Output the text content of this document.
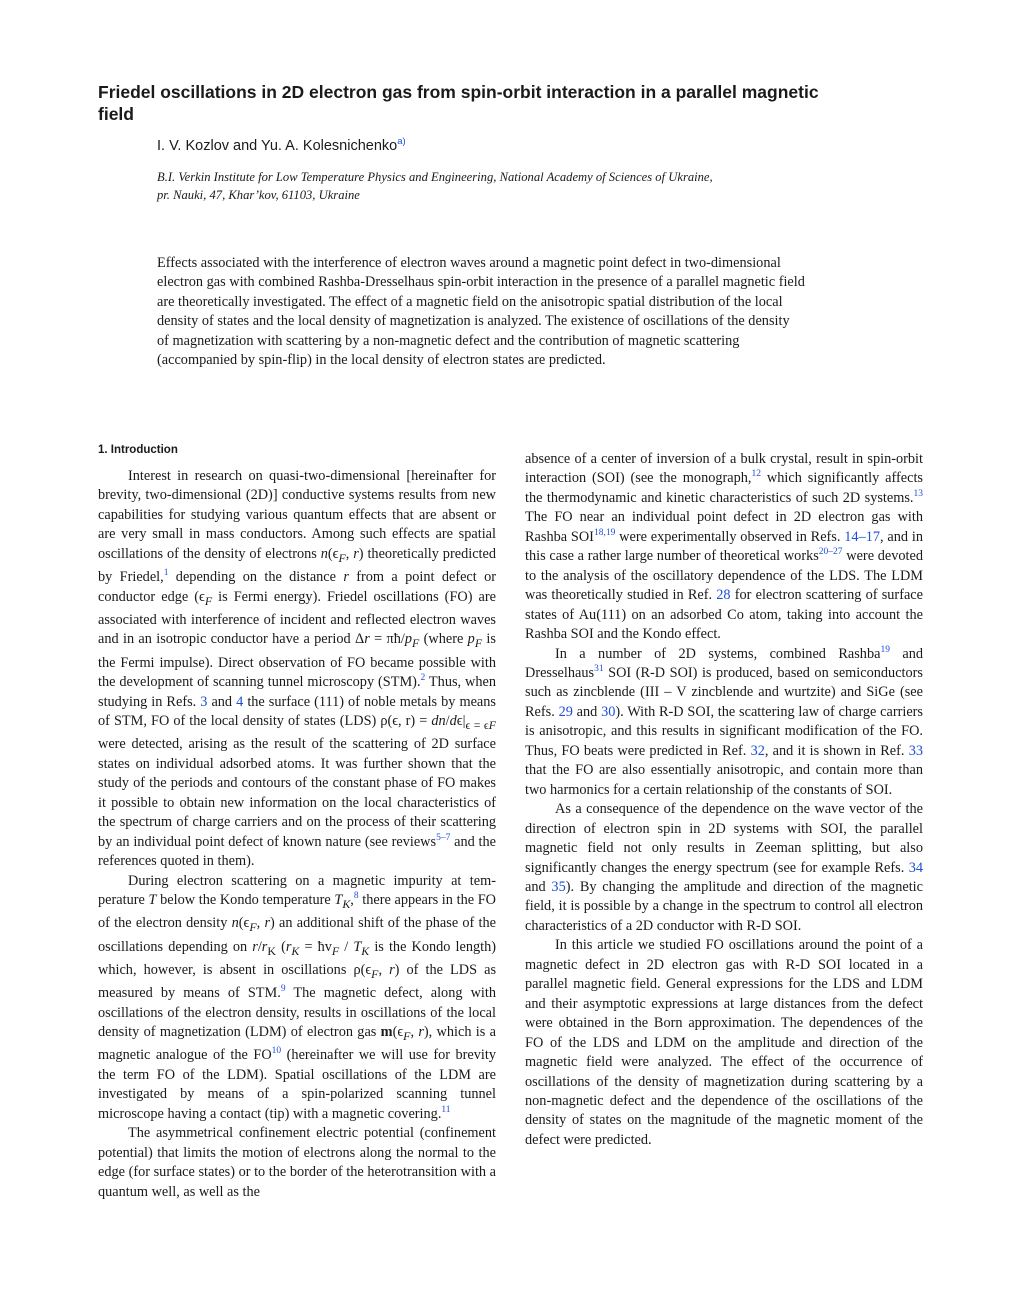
Friedel oscillations in 2D electron gas from spin-orbit interaction in a parallel magnetic field

I. V. Kozlov and Yu. A. Kolesnichenko$^{a)}$

B.I. Verkin Institute for Low Temperature Physics and Engineering, National Academy of Sciences of Ukraine,
pr. Nauki, 47, Khar’kov, 61103, Ukraine

Effects associated with the interference of electron waves around a magnetic point defect in two-dimensional electron gas with combined Rashba-Dresselhaus spin-orbit interaction in the presence of a parallel magnetic field are theoretically investigated. The effect of a magnetic field on the anisotropic spatial distribution of the local density of states and the local density of magnetization is analyzed. The existence of oscillations of the density of magnetization with scattering by a non-magnetic defect and the contribution of magnetic scattering (accompanied by spin-flip) in the local density of electron states are predicted.

1. Introduction

Interest in research on quasi-two-dimensional [hereinafter for brevity, two-dimensional (2D)] conductive systems results from new capabilities for studying various quantum effects that are absent or are very small in mass conductors. Among such effects are spatial oscillations of the density of electrons $n(\epsilon_F$, r) theoretically predicted by Friedel,$^1$ depending on the distance r from a point defect or conductor edge ($\epsilon_F$ is Fermi energy). Friedel oscillations (FO) are associated with interference of incident and reflected electron waves and in an isotropic conductor have a period $\Delta r = \pi ħ/p_F$ (where $p_F$ is the Fermi impulse). Direct observation of FO became possible with the development of scanning tunnel microscopy (STM).$^2$ Thus, when studying in Refs. 3 and 4 the surface (111) of noble metals by means of STM, FO of the local density of states (LDS) ρ(ϵ, $r) = dn/d\epsilon|_{\epsilon = \epsilon F}$ were detected, arising as the result of the scattering of 2D surface states on individual adsorbed atoms. It was further shown that the study of the periods and contours of the constant phase of FO makes it possible to obtain new information on the local characteristics of the spectrum of charge carriers and on the process of their scattering by an individual point defect of known nature (see reviews$^{5-7}$ and the references quoted in them).

During electron scattering on a magnetic impurity at temperature T below the Kondo temperature $T_K,^8$ there appears in the FO of the electron density $n(\epsilon_F$, r) an additional shift of the phase of the oscillations depending on $r/r_K$ ($r_K$ = $ħv_F / T_K$ is the Kondo length) which, however, is absent in oscillations $\rho(\epsilon_F$, r) of the LDS as measured by means of STM.$^9$ The magnetic defect, along with oscillations of the electron density, results in oscillations of the local density of magnetization (LDM) of electron gas $m(\epsilon_F$, r), which is a magnetic analogue of the FO$^{10}$ (hereinafter we will use for brevity the term FO of the LDM). Spatial oscillations of the LDM are investigated by means of a spin-polarized scanning tunnel microscope having a contact (tip) with a magnetic covering.$^{11}$

The asymmetrical confinement electric potential (confinement potential) that limits the motion of electrons along the normal to the edge (for surface states) or to the border of the heterotransition with a quantum well, as well as the

absence of a center of inversion of a bulk crystal, result in spin-orbit interaction (SOI) (see the monograph,$^{12}$ which significantly affects the thermodynamic and kinetic characteristics of such 2D systems.$^{13}$ The FO near an individual point defect in 2D electron gas with Rashba SOI$^{18,19}$ were experimentally observed in Refs. 14–17, and in this case a rather large number of theoretical works$^{20-27}$ were devoted to the analysis of the oscillatory dependence of the LDS. The LDM was theoretically studied in Ref. 28 for electron scattering of surface states of Au(111) on an adsorbed Co atom, taking into account the Rashba SOI and the Kondo effect.

In a number of 2D systems, combined Rashba$^{19}$ and Dresselhaus$^{31}$ SOI (R-D SOI) is produced, based on semiconductors such as zincblende (III – V zincblende and wurtzite) and SiGe (see Refs. 29 and 30). With R-D SOI, the scattering law of charge carriers is anisotropic, and this results in significant modification of the FO. Thus, FO beats were predicted in Ref. 32, and it is shown in Ref. 33 that the FO are also essentially anisotropic, and contain more than two harmonics for a certain relationship of the constants of SOI.

As a consequence of the dependence on the wave vector of the direction of electron spin in 2D systems with SOI, the parallel magnetic field not only results in Zeeman splitting, but also significantly changes the energy spectrum (see for example Refs. 34 and 35). By changing the amplitude and direction of the magnetic field, it is possible by a change in the spectrum to control all electron characteristics of a 2D conductor with R-D SOI.

In this article we studied FO oscillations around the point of a magnetic defect in 2D electron gas with R-D SOI located in a parallel magnetic field. General expressions for the LDS and LDM and their asymptotic expressions at large distances from the defect were obtained in the Born approximation. The dependences of the FO of the LDS and LDM on the amplitude and direction of the magnetic field were analyzed. The effect of the occurrence of oscillations of the density of magnetization during scattering by a non-magnetic defect and the dependence of the oscillations of the density of states on the magnitude of the magnetic moment of the defect were predicted.
